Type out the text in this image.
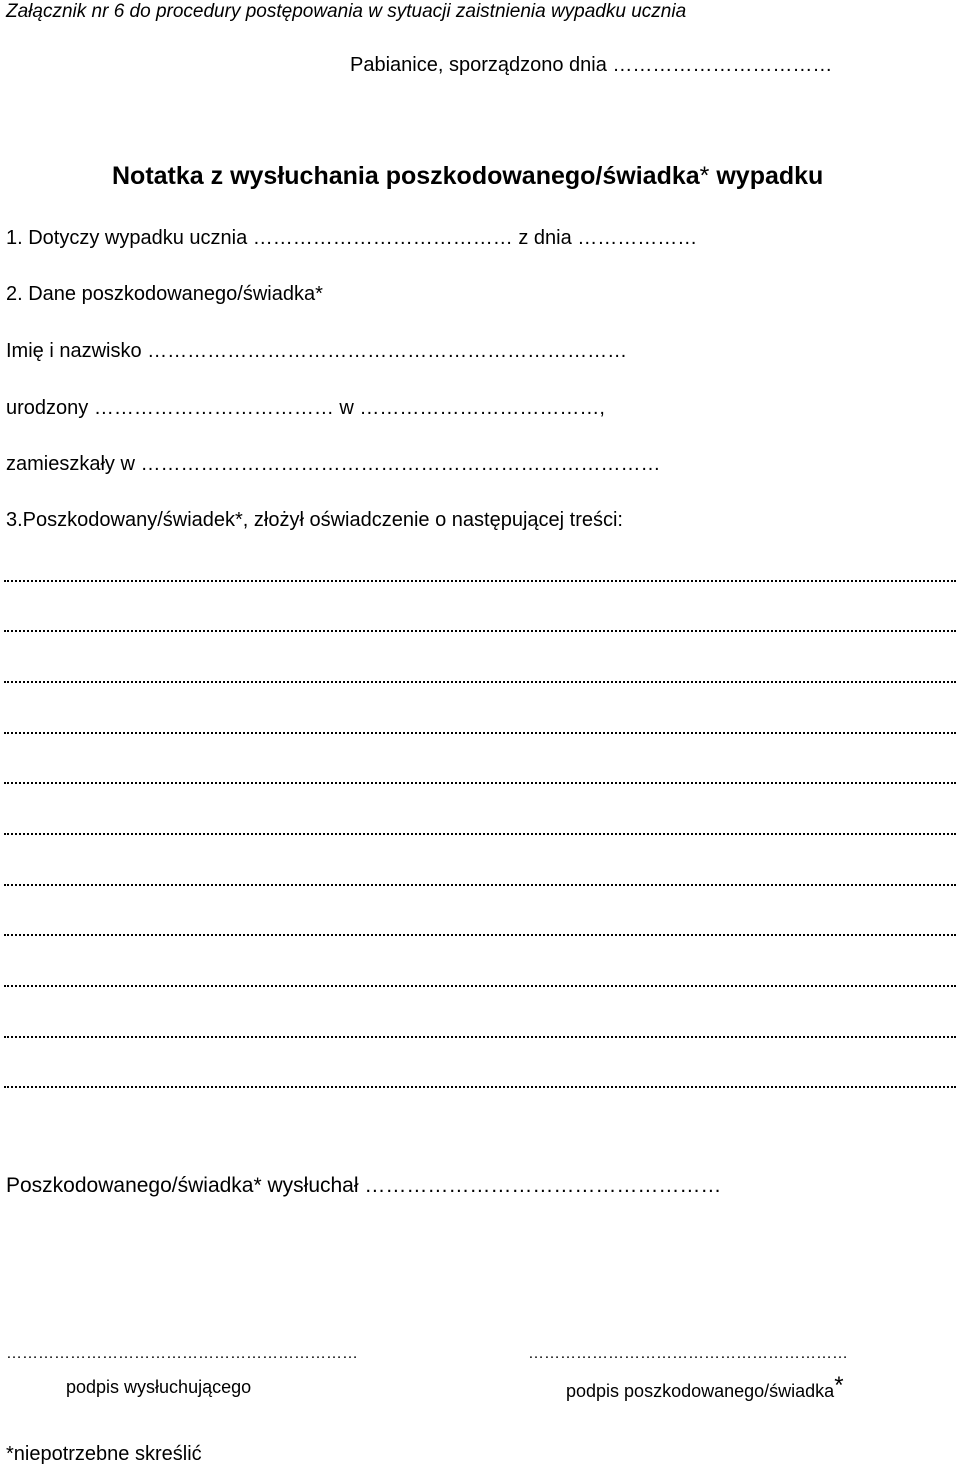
Załącznik nr 6 do procedury postępowania w sytuacji zaistnienia wypadku ucznia
Pabianice, sporządzono dnia ……………………………
Notatka z wysłuchania poszkodowanego/świadka* wypadku
1. Dotyczy wypadku ucznia ………………………………… z dnia ………………
2. Dane poszkodowanego/świadka*
Imię i nazwisko ………………………………………………………………
urodzony ……………………………… w ………………………………,
zamieszkały w ……………………………………………………………………
3.Poszkodowany/świadek*, złożył oświadczenie o następującej treści:
Poszkodowanego/świadka* wysłuchał ……………………………………………
…………………………………………………………	……………………………………………………
podpis wysłuchującego	podpis poszkodowanego/świadka*
*niepotrzebne skreślić
